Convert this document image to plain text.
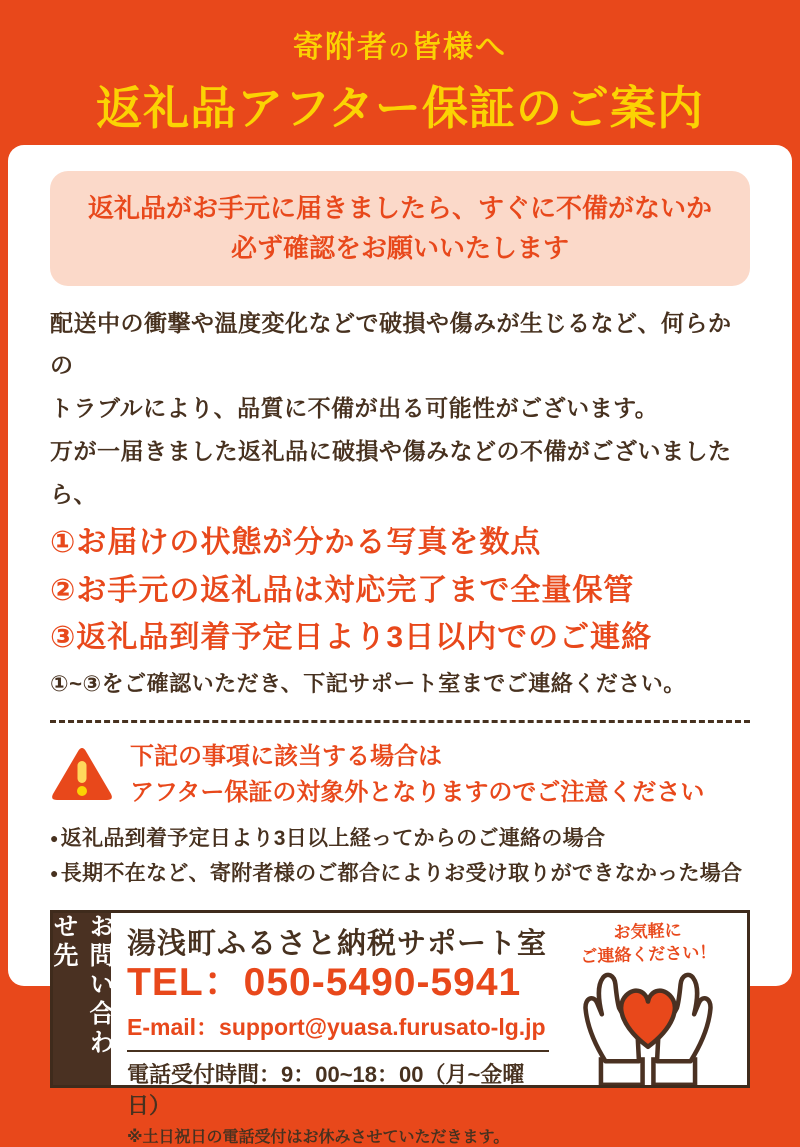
寄附者の皆様へ
返礼品アフター保証のご案内
返礼品がお手元に届きましたら、すぐに不備がないか
必ず確認をお願いいたします
配送中の衝撃や温度変化などで破損や傷みが生じるなど、何らかの
トラブルにより、品質に不備が出る可能性がございます。
万が一届きました返礼品に破損や傷みなどの不備がございましたら、
①お届けの状態が分かる写真を数点
②お手元の返礼品は対応完了まで全量保管
③返礼品到着予定日より3日以内でのご連絡
①~③をご確認いただき、下記サポート室までご連絡ください。
下記の事項に該当する場合は
アフター保証の対象外となりますのでご注意ください
● 返礼品到着予定日より3日以上経ってからのご連絡の場合
● 長期不在など、寄附者様のご都合によりお受け取りができなかった場合
お問い合わせ先	湯浅町ふるさと納税サポート室
TEL：050-5490-5941
E-mail：support@yuasa.furusato-lg.jp
電話受付時間：9：00~18：00（月~金曜日）
※土日祝日の電話受付はお休みさせていただきます。
お気軽に
ご連絡ください！
